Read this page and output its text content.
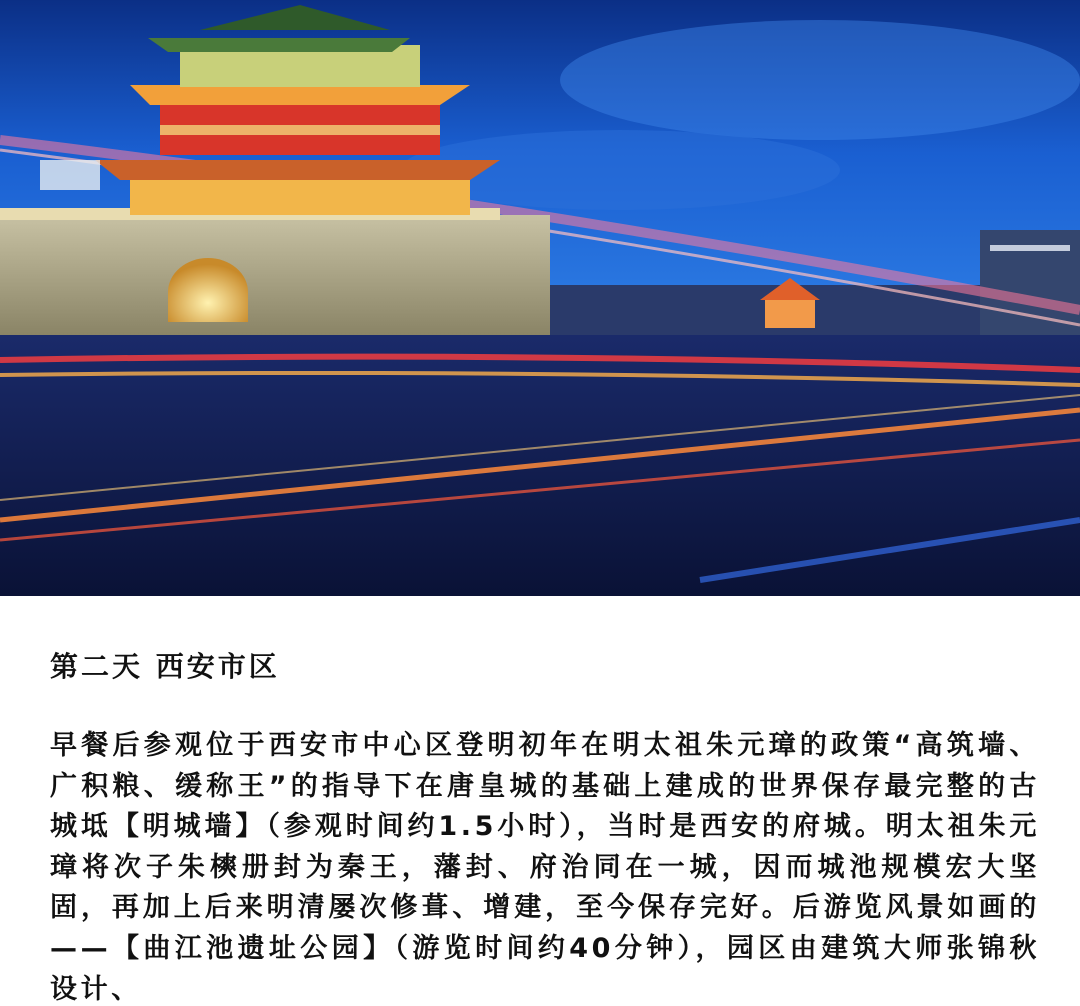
第二天 西安市区

早餐后参观位于西安市中心区登明初年在明太祖朱元璋的政策“高筑墙、广积粮、缓称王”的指导下在唐皇城的基础上建成的世界保存最完整的古城坻【明城墙】（参观时间约1.5小时），当时是西安的府城。明太祖朱元璋将次子朱樉册封为秦王，藩封、府治同在一城，因而城池规模宏大坚固，再加上后来明清屡次修葺、增建，至今保存完好。后游览风景如画的——【曲江池遗址公园】（游览时间约40分钟），园区由建筑大师张锦秋设计、
